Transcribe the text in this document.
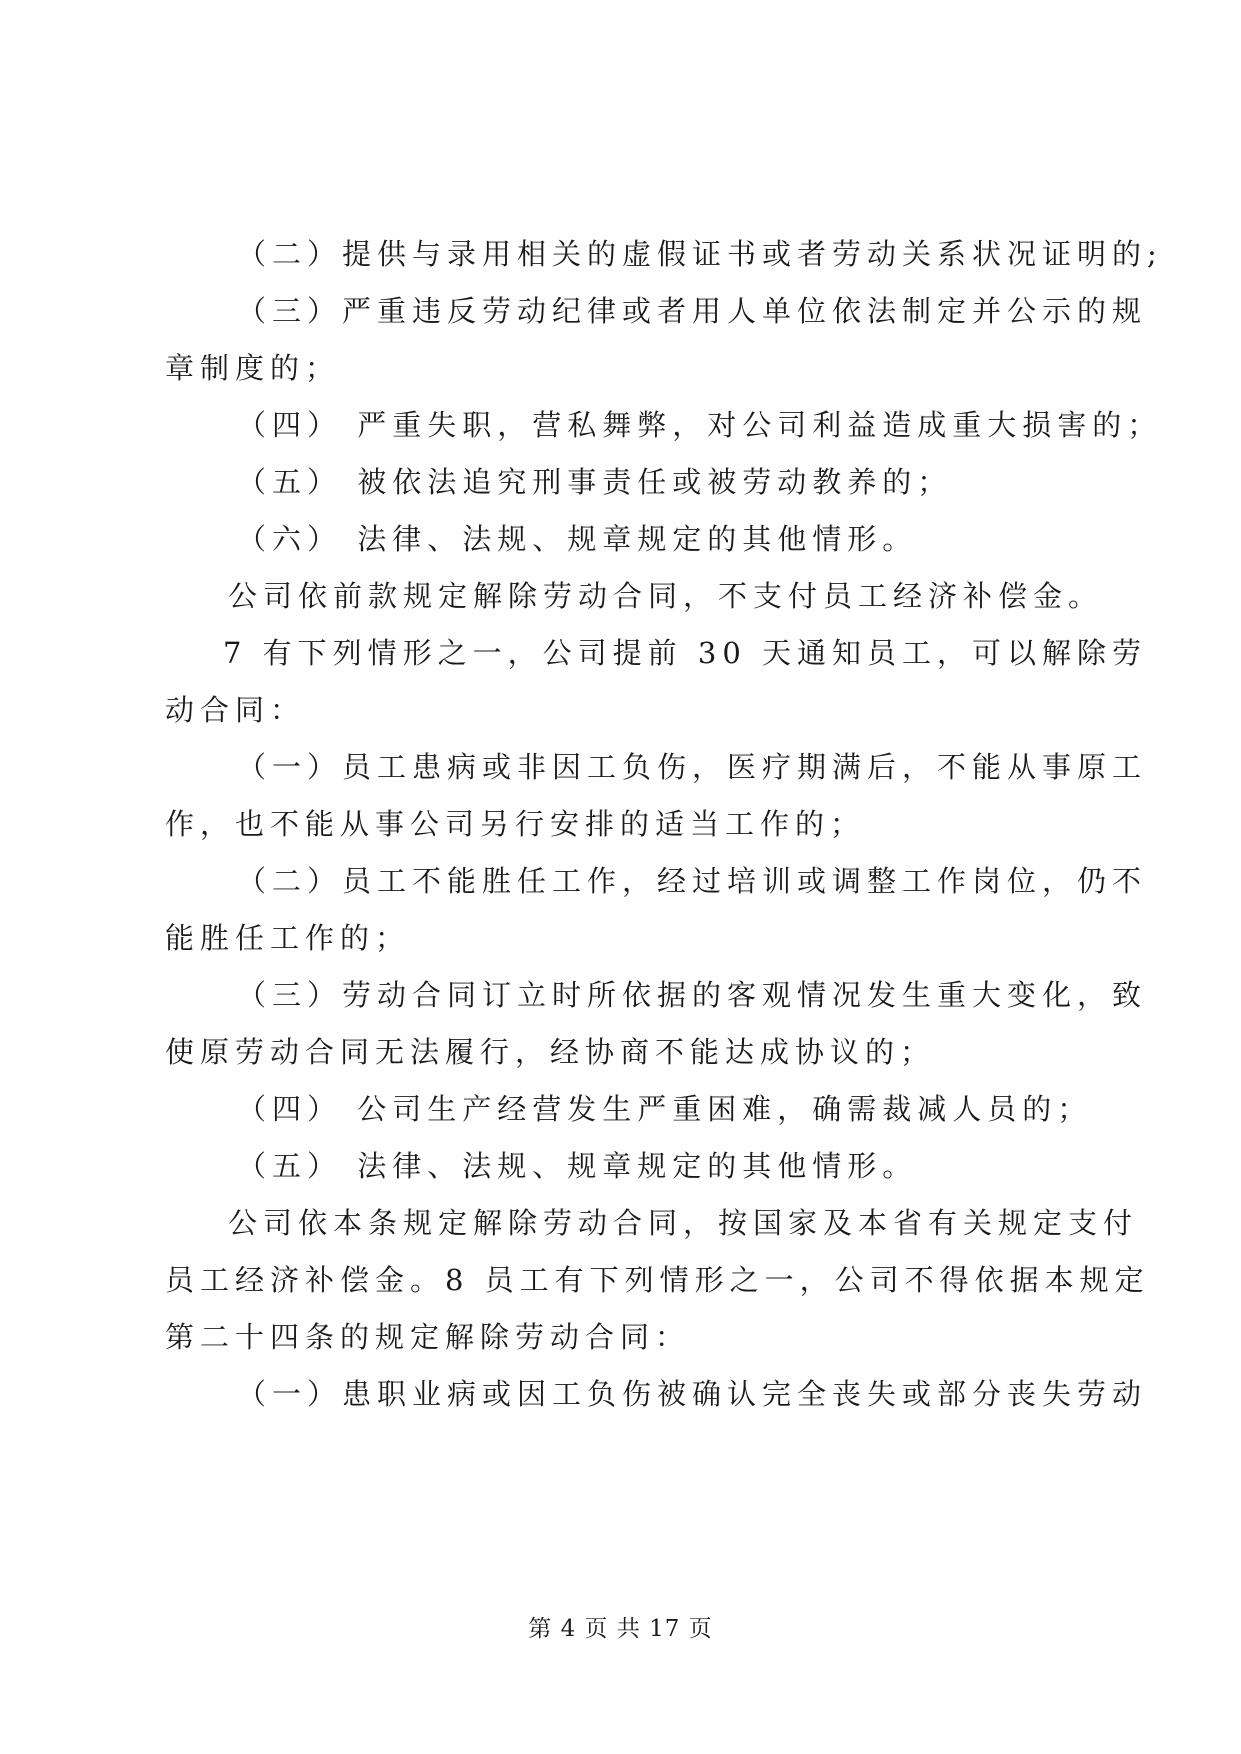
（二）提供与录用相关的虚假证书或者劳动关系状况证明的;
（三）严重违反劳动纪律或者用人单位依法制定并公示的规
章制度的；
（四） 严重失职，营私舞弊，对公司利益造成重大损害的；
（五） 被依法追究刑事责任或被劳动教养的；
（六） 法律、法规、规章规定的其他情形。
公司依前款规定解除劳动合同，不支付员工经济补偿金。
7 有下列情形之一，公司提前 30 天通知员工，可以解除劳
动合同：
（一）员工患病或非因工负伤，医疗期满后，不能从事原工
作，也不能从事公司另行安排的适当工作的；
（二）员工不能胜任工作，经过培训或调整工作岗位，仍不
能胜任工作的；
（三）劳动合同订立时所依据的客观情况发生重大变化，致
使原劳动合同无法履行，经协商不能达成协议的；
（四） 公司生产经营发生严重困难，确需裁减人员的；
（五） 法律、法规、规章规定的其他情形。
公司依本条规定解除劳动合同，按国家及本省有关规定支付
员工经济补偿金。8 员工有下列情形之一，公司不得依据本规定
第二十四条的规定解除劳动合同：
（一）患职业病或因工负伤被确认完全丧失或部分丧失劳动
第 4 页 共 17 页
